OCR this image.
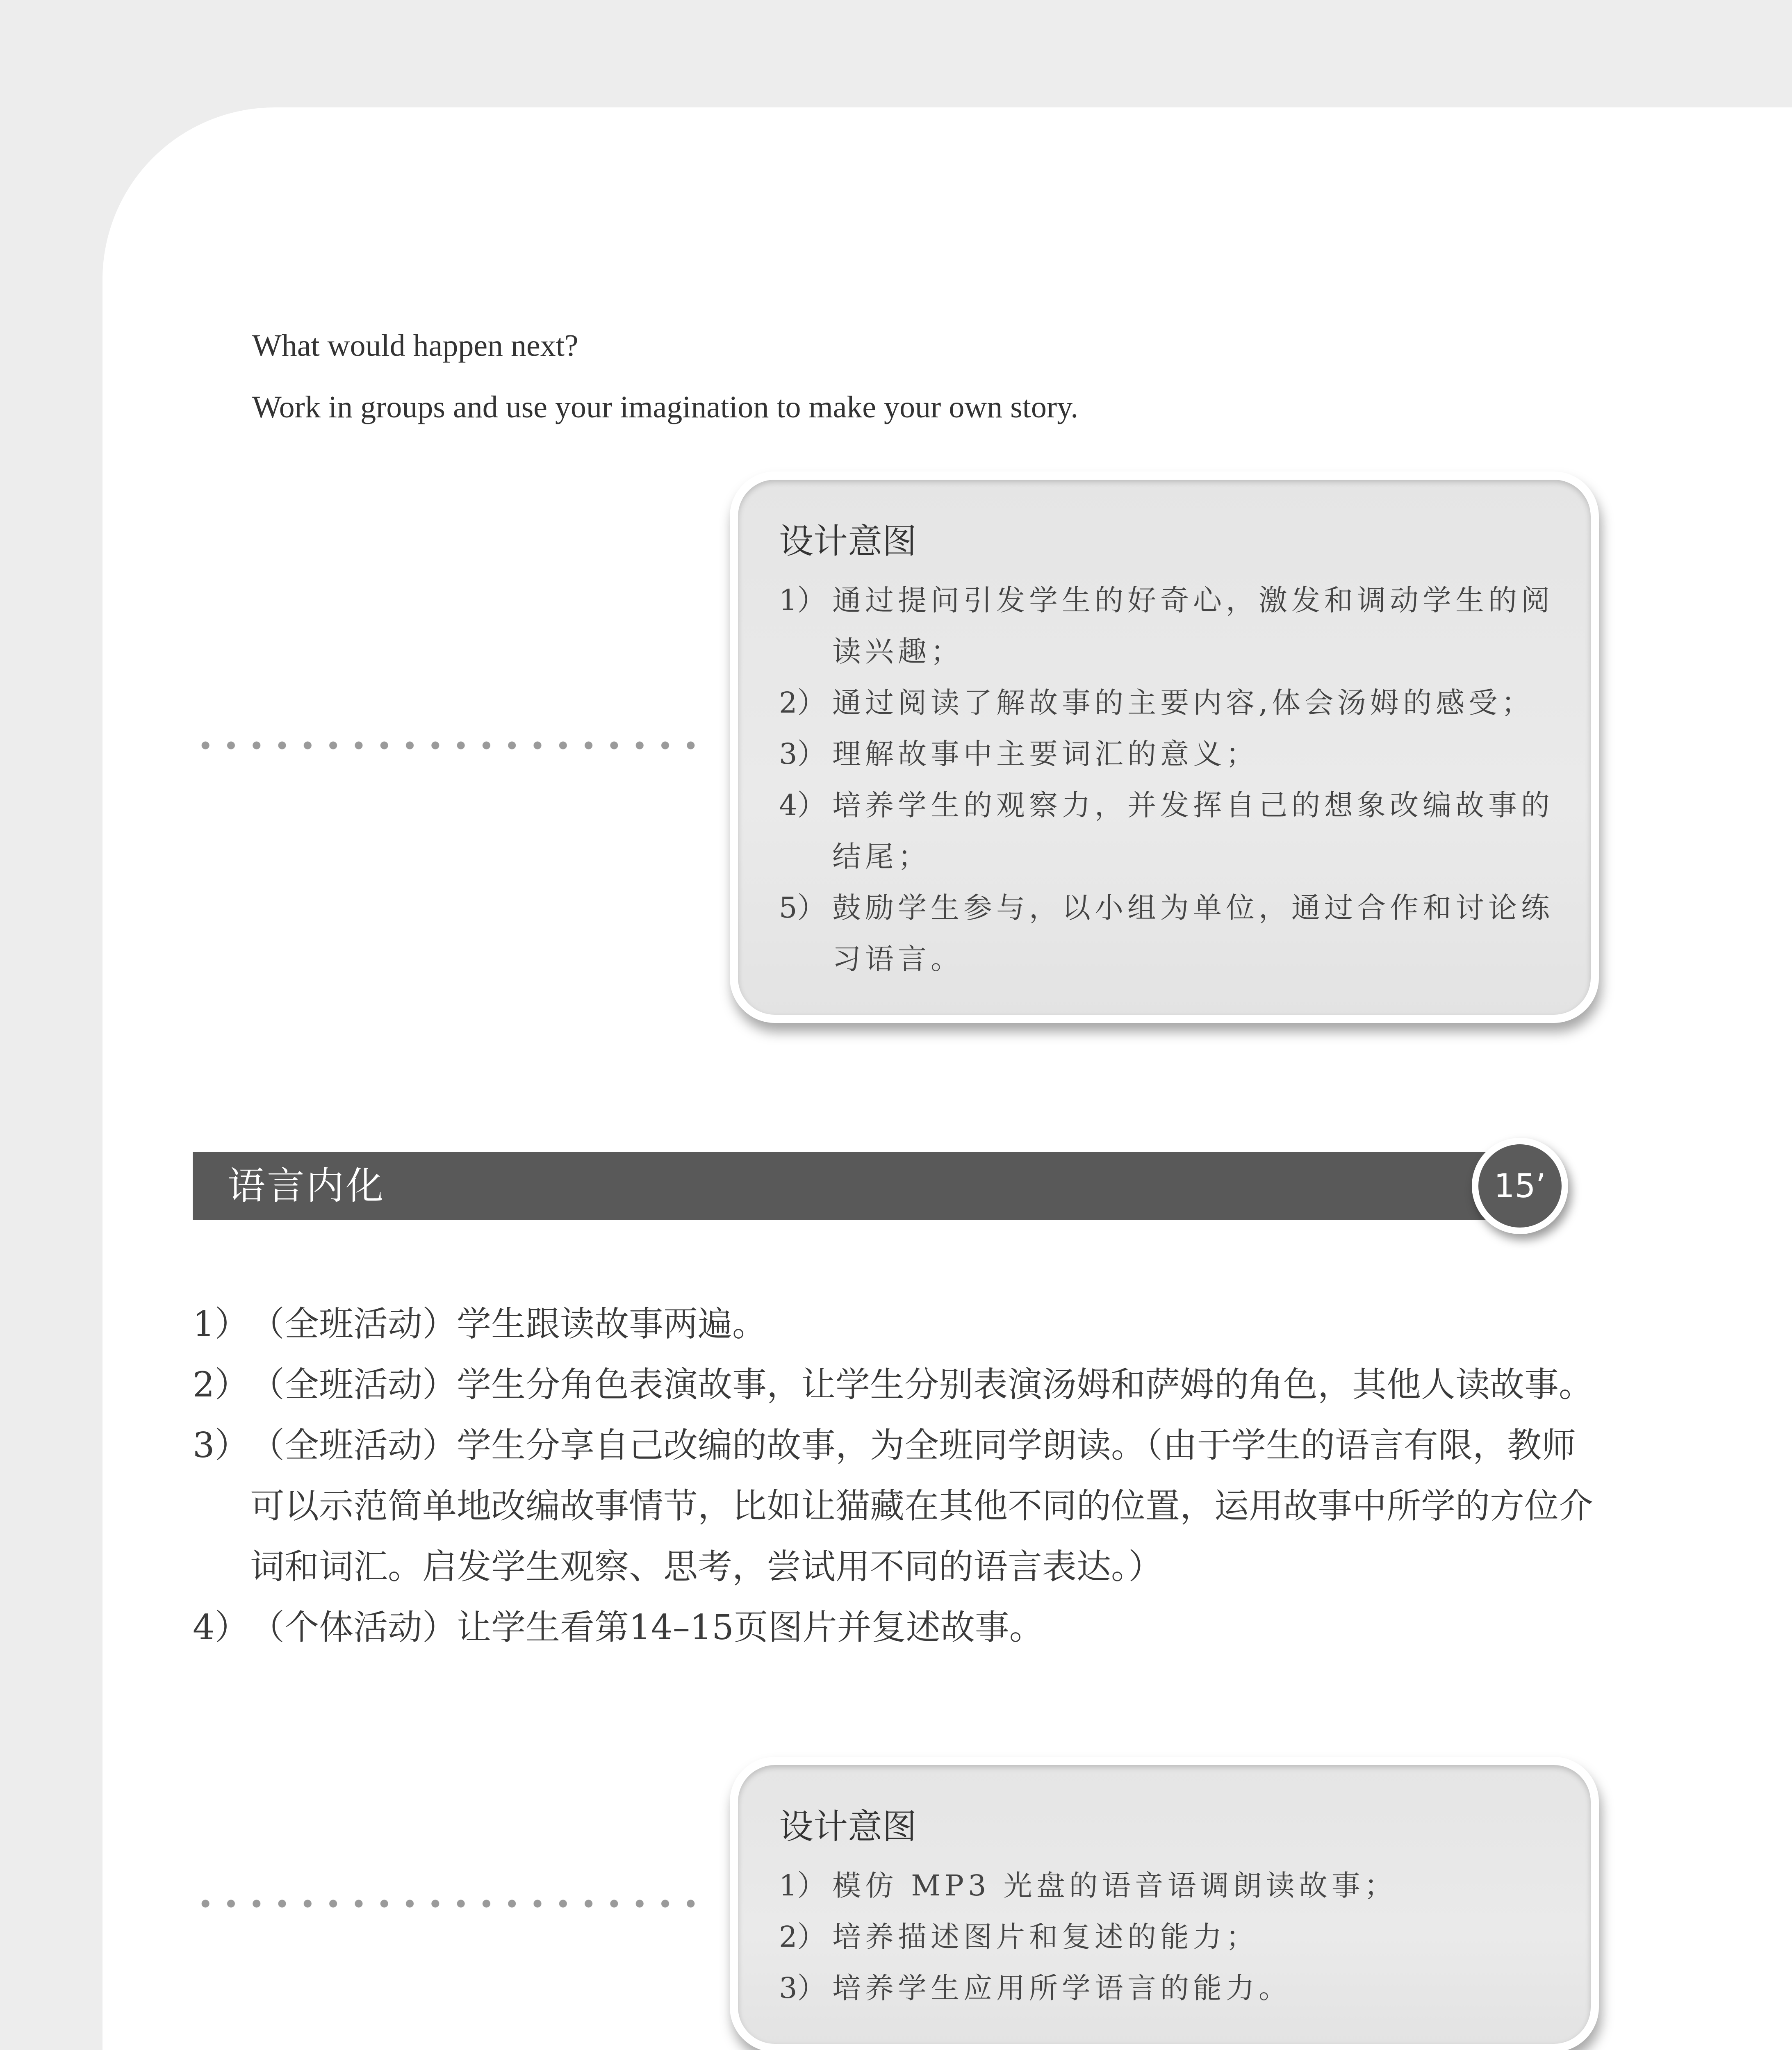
What would happen next?
Work in groups and use your imagination to make your own story.
设计意图
1） 通过提问引发学生的好奇心，激发和调动学生的阅读兴趣；
2） 通过阅读了解故事的主要内容,体会汤姆的感受；
3） 理解故事中主要词汇的意义；
4） 培养学生的观察力，并发挥自己的想象改编故事的结尾；
5） 鼓励学生参与，以小组为单位，通过合作和讨论练习语言。
语言内化	15’
1） （全班活动）学生跟读故事两遍。
2） （全班活动）学生分角色表演故事，让学生分别表演汤姆和萨姆的角色，其他人读故事。
3） （全班活动）学生分享自己改编的故事，为全班同学朗读。（由于学生的语言有限，教师可以示范简单地改编故事情节，比如让猫藏在其他不同的位置，运用故事中所学的方位介词和词汇。启发学生观察、思考，尝试用不同的语言表达。）
4） （个体活动）让学生看第14–15页图片并复述故事。
设计意图
1） 模仿 MP3 光盘的语音语调朗读故事；
2） 培养描述图片和复述的能力；
3） 培养学生应用所学语言的能力。
